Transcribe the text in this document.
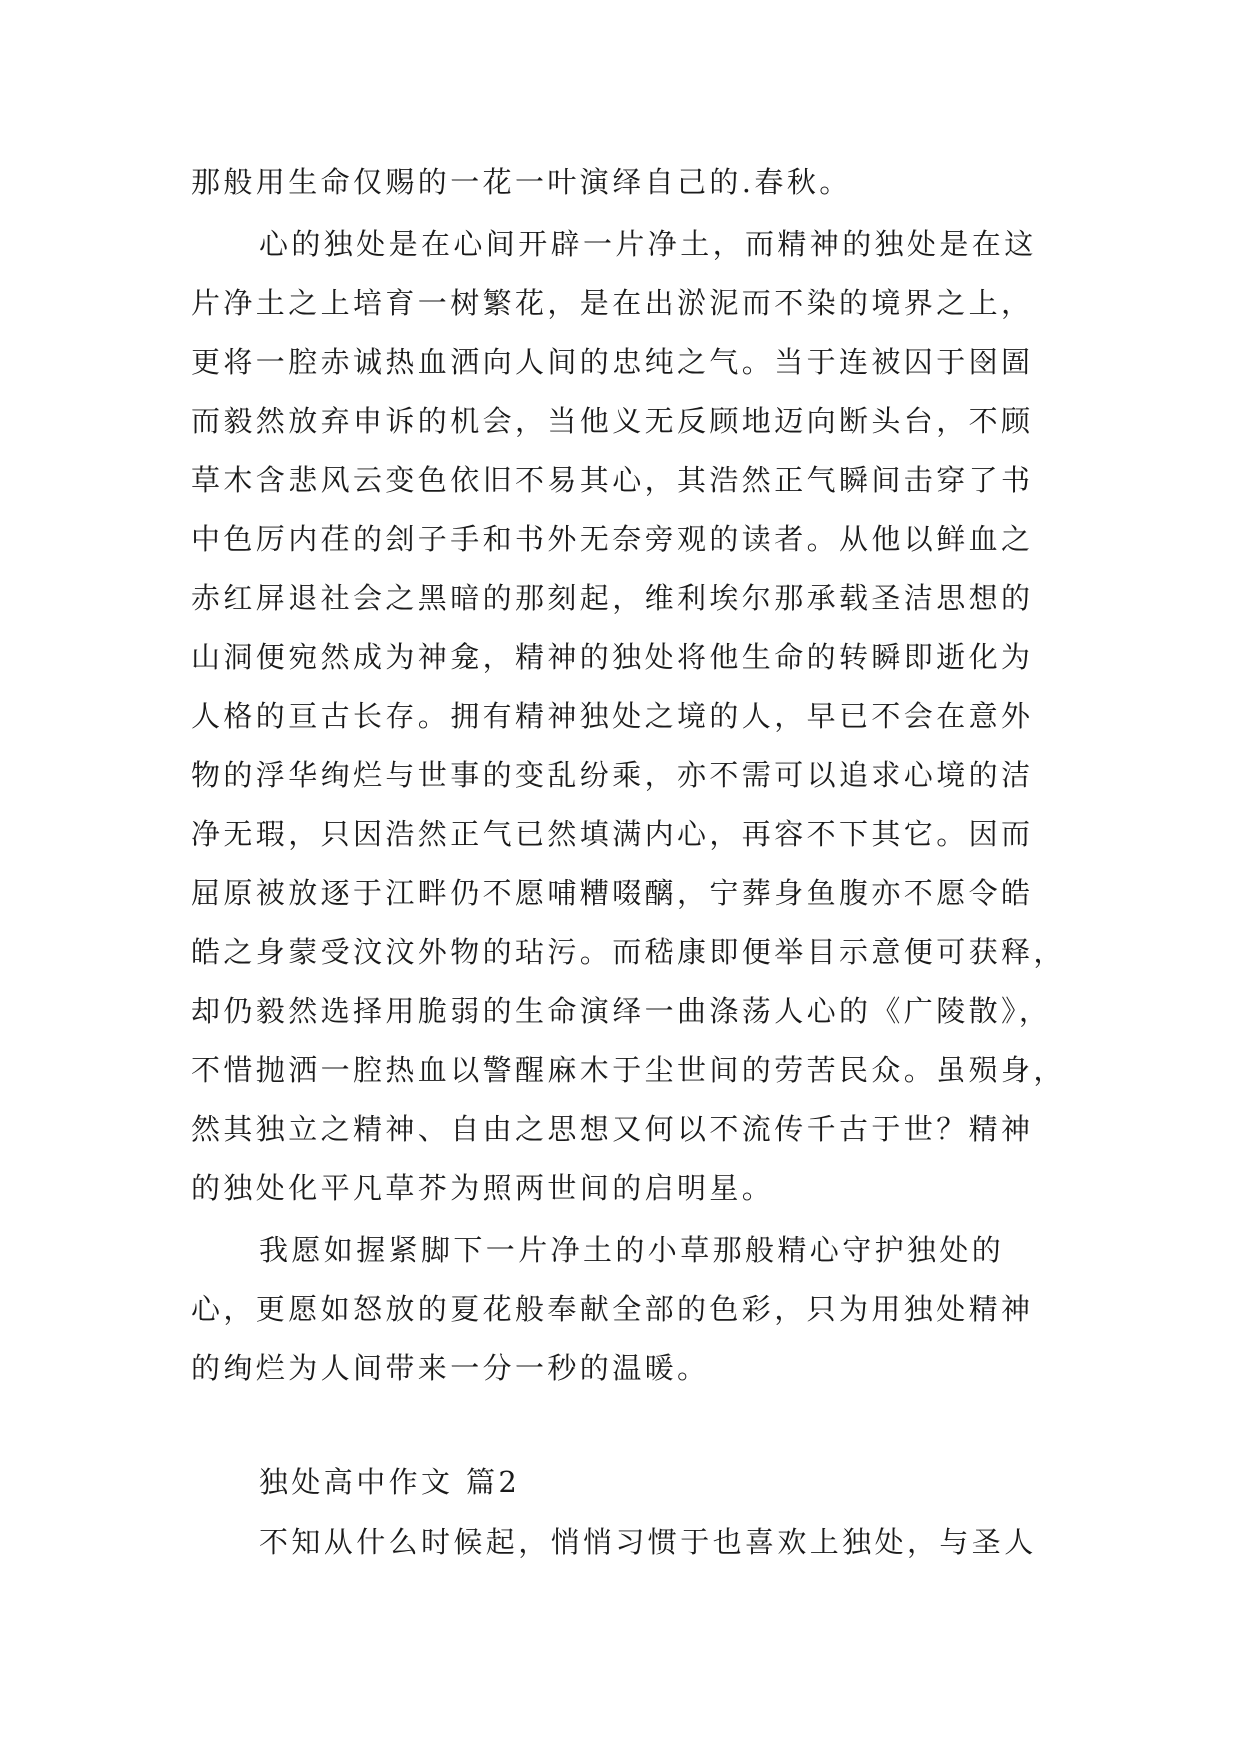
那般用生命仅赐的一花一叶演绎自己的.春秋。
心的独处是在心间开辟一片净土，而精神的独处是在这
片净土之上培育一树繁花，是在出淤泥而不染的境界之上，
更将一腔赤诚热血洒向人间的忠纯之气。当于连被囚于囹圄
而毅然放弃申诉的机会，当他义无反顾地迈向断头台，不顾
草木含悲风云变色依旧不易其心，其浩然正气瞬间击穿了书
中色厉内荏的刽子手和书外无奈旁观的读者。从他以鲜血之
赤红屏退社会之黑暗的那刻起，维利埃尔那承载圣洁思想的
山洞便宛然成为神龛，精神的独处将他生命的转瞬即逝化为
人格的亘古长存。拥有精神独处之境的人，早已不会在意外
物的浮华绚烂与世事的变乱纷乘，亦不需可以追求心境的洁
净无瑕，只因浩然正气已然填满内心，再容不下其它。因而
屈原被放逐于江畔仍不愿哺糟啜醨，宁葬身鱼腹亦不愿令皓
皓之身蒙受汶汶外物的玷污。而嵇康即便举目示意便可获释，
却仍毅然选择用脆弱的生命演绎一曲涤荡人心的《广陵散》，
不惜抛洒一腔热血以警醒麻木于尘世间的劳苦民众。虽殒身，
然其独立之精神、自由之思想又何以不流传千古于世？精神
的独处化平凡草芥为照两世间的启明星。
我愿如握紧脚下一片净土的小草那般精心守护独处的
心，更愿如怒放的夏花般奉献全部的色彩，只为用独处精神
的绚烂为人间带来一分一秒的温暖。
独处高中作文 篇2
不知从什么时候起，悄悄习惯于也喜欢上独处，与圣人
